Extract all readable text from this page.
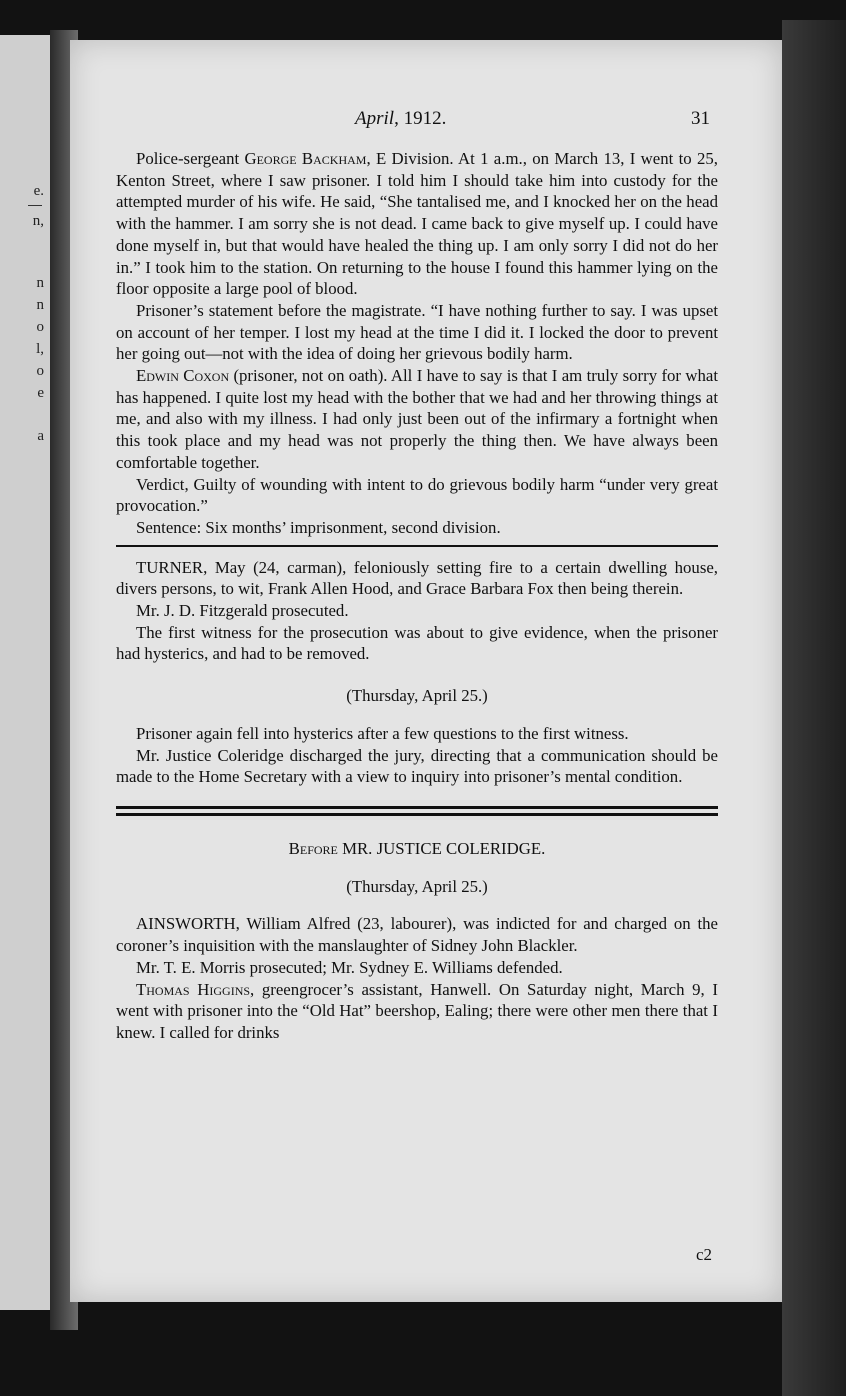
e.
n,
n
n
o
l,
o
e
a
April, 1912.	31

Police-sergeant George Backham, E Division. At 1 a.m., on March 13, I went to 25, Kenton Street, where I saw prisoner. I told him I should take him into custody for the attempted murder of his wife. He said, “She tantalised me, and I knocked her on the head with the hammer. I am sorry she is not dead. I came back to give myself up. I could have done myself in, but that would have healed the thing up. I am only sorry I did not do her in.” I took him to the station. On returning to the house I found this hammer lying on the floor opposite a large pool of blood.

Prisoner’s statement before the magistrate. “I have nothing further to say. I was upset on account of her temper. I lost my head at the time I did it. I locked the door to prevent her going out—not with the idea of doing her grievous bodily harm.

Edwin Coxon (prisoner, not on oath). All I have to say is that I am truly sorry for what has happened. I quite lost my head with the bother that we had and her throwing things at me, and also with my illness. I had only just been out of the infirmary a fortnight when this took place and my head was not properly the thing then. We have always been comfortable together.

Verdict, Guilty of wounding with intent to do grievous bodily harm “under very great provocation.”

Sentence: Six months’ imprisonment, second division.

TURNER, May (24, carman), feloniously setting fire to a certain dwelling house, divers persons, to wit, Frank Allen Hood, and Grace Barbara Fox then being therein.

Mr. J. D. Fitzgerald prosecuted.

The first witness for the prosecution was about to give evidence, when the prisoner had hysterics, and had to be removed.

(Thursday, April 25.)

Prisoner again fell into hysterics after a few questions to the first witness.

Mr. Justice Coleridge discharged the jury, directing that a communication should be made to the Home Secretary with a view to inquiry into prisoner’s mental condition.

Before MR. JUSTICE COLERIDGE.

(Thursday, April 25.)

AINSWORTH, William Alfred (23, labourer), was indicted for and charged on the coroner’s inquisition with the manslaughter of Sidney John Blackler.

Mr. T. E. Morris prosecuted; Mr. Sydney E. Williams defended.

Thomas Higgins, greengrocer’s assistant, Hanwell. On Saturday night, March 9, I went with prisoner into the “Old Hat” beershop, Ealing; there were other men there that I knew. I called for drinks

c2
